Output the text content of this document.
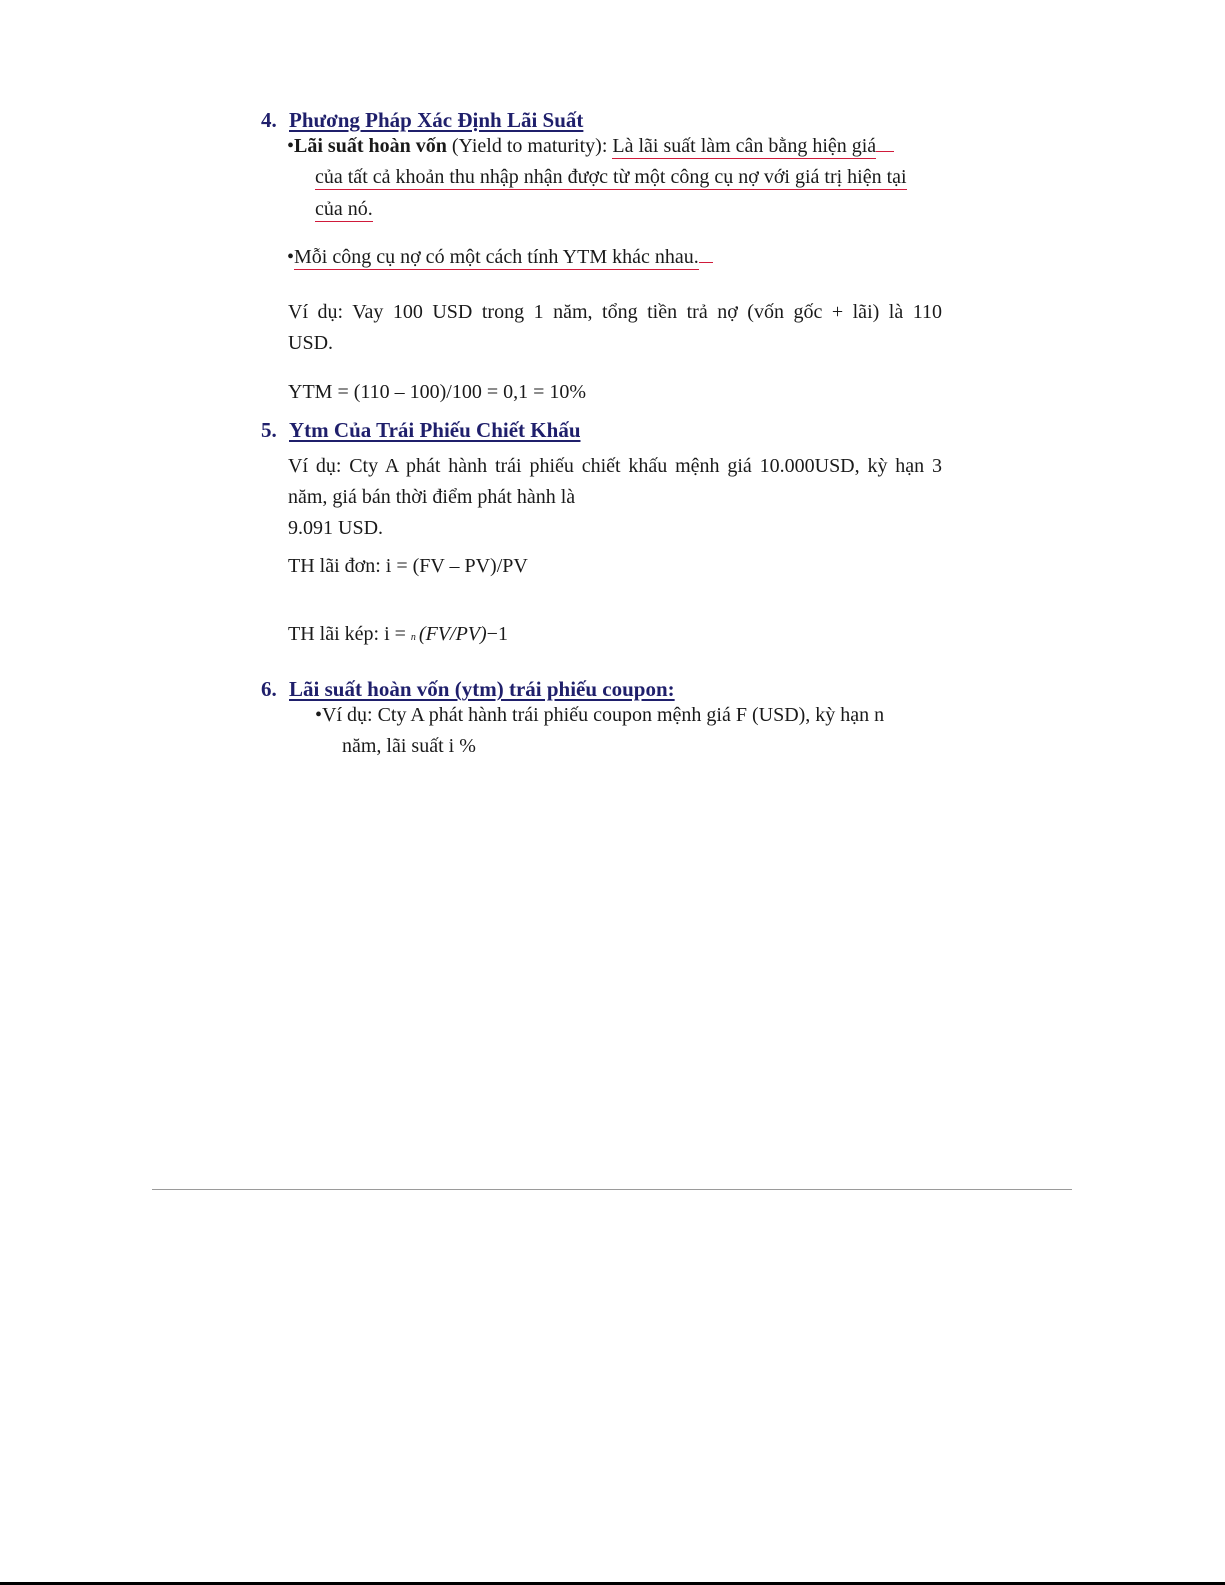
4. Phương Pháp Xác Định Lãi Suất
•Lãi suất hoàn vốn (Yield to maturity): Là lãi suất làm cân bằng hiện giá
của tất cả khoản thu nhập nhận được từ một công cụ nợ với giá trị hiện tại
của nó.
•Mỗi công cụ nợ có một cách tính YTM khác nhau.
Ví dụ: Vay 100 USD trong 1 năm, tổng tiền trả nợ (vốn gốc + lãi) là 110
USD.
YTM = (110 – 100)/100 = 0,1 = 10%
5. Ytm Của Trái Phiếu Chiết Khấu
Ví dụ: Cty A phát hành trái phiếu chiết khấu mệnh giá 10.000USD, kỳ hạn 3
năm, giá bán thời điểm phát hành là
9.091 USD.
TH lãi đơn: i = (FV – PV)/PV
TH lãi kép: i = n (FV/PV)−1
6. Lãi suất hoàn vốn (ytm) trái phiếu coupon:
•Ví dụ: Cty A phát hành trái phiếu coupon mệnh giá F (USD), kỳ hạn n
năm, lãi suất i %
